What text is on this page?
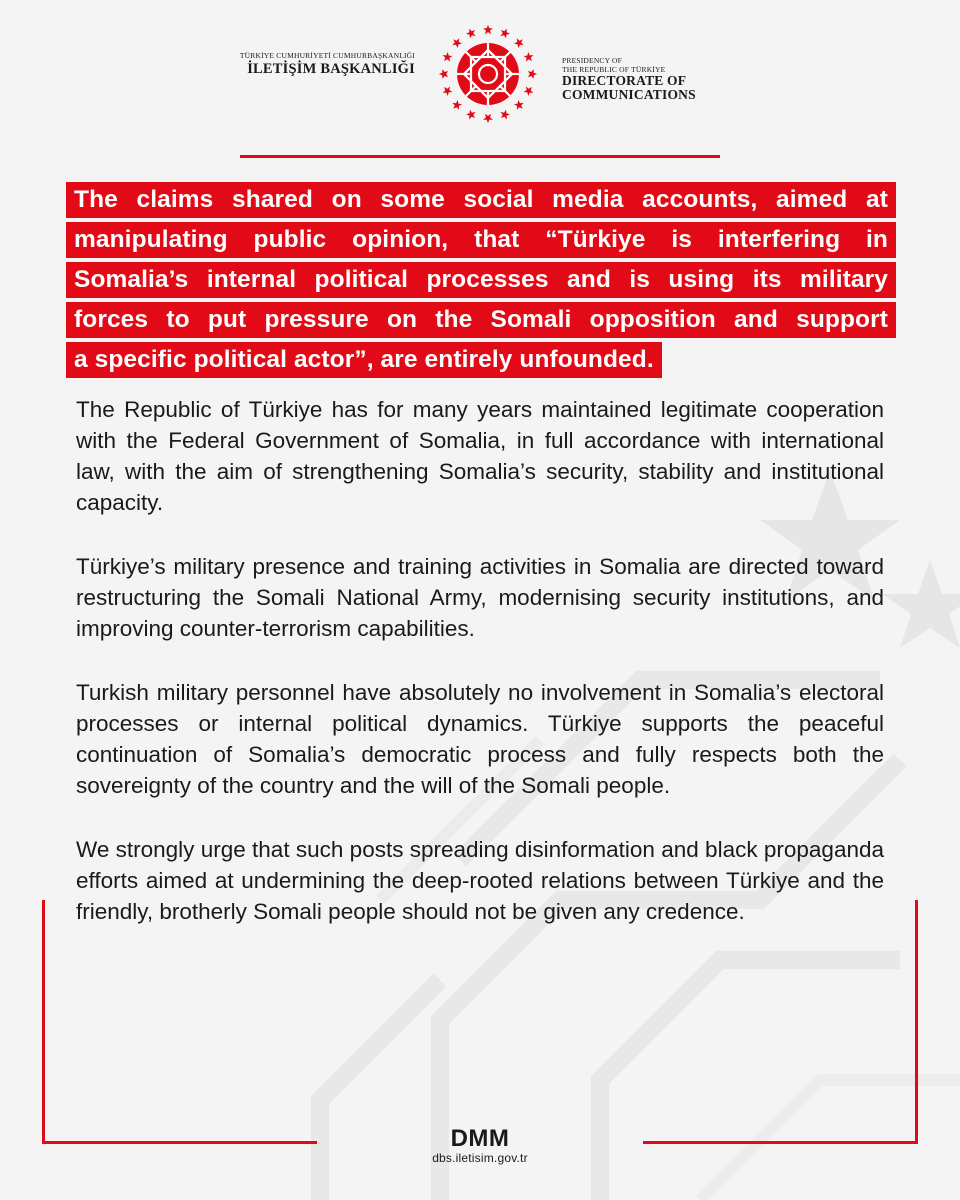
TÜRKİYE CUMHURİYETİ CUMHURBAŞKANLIĞI
İLETİŞİM BAŞKANLIĞI
PRESIDENCY OF
THE REPUBLIC OF TÜRKİYE
DIRECTORATE OF
COMMUNICATIONS
The claims shared on some social media accounts, aimed at
manipulating public opinion, that “Türkiye is interfering in
Somalia’s internal political processes and is using its military
forces to put pressure on the Somali opposition and support
a specific political actor”, are entirely unfounded.

The Republic of Türkiye has for many years maintained legitimate cooperation with the Federal Government of Somalia, in full accordance with international law, with the aim of strengthening Somalia’s security, stability and institutional capacity.

Türkiye’s military presence and training activities in Somalia are directed toward restructuring the Somali National Army, modernising security institutions, and improving counter-terrorism capabilities.

Turkish military personnel have absolutely no involvement in Somalia’s electoral processes or internal political dynamics. Türkiye supports the peaceful continuation of Somalia’s democratic process and fully respects both the sovereignty of the country and the will of the Somali people.

We strongly urge that such posts spreading disinformation and black propaganda efforts aimed at undermining the deep-rooted relations between Türkiye and the friendly, brotherly Somali people should not be given any credence.

DMM
dbs.iletisim.gov.tr
